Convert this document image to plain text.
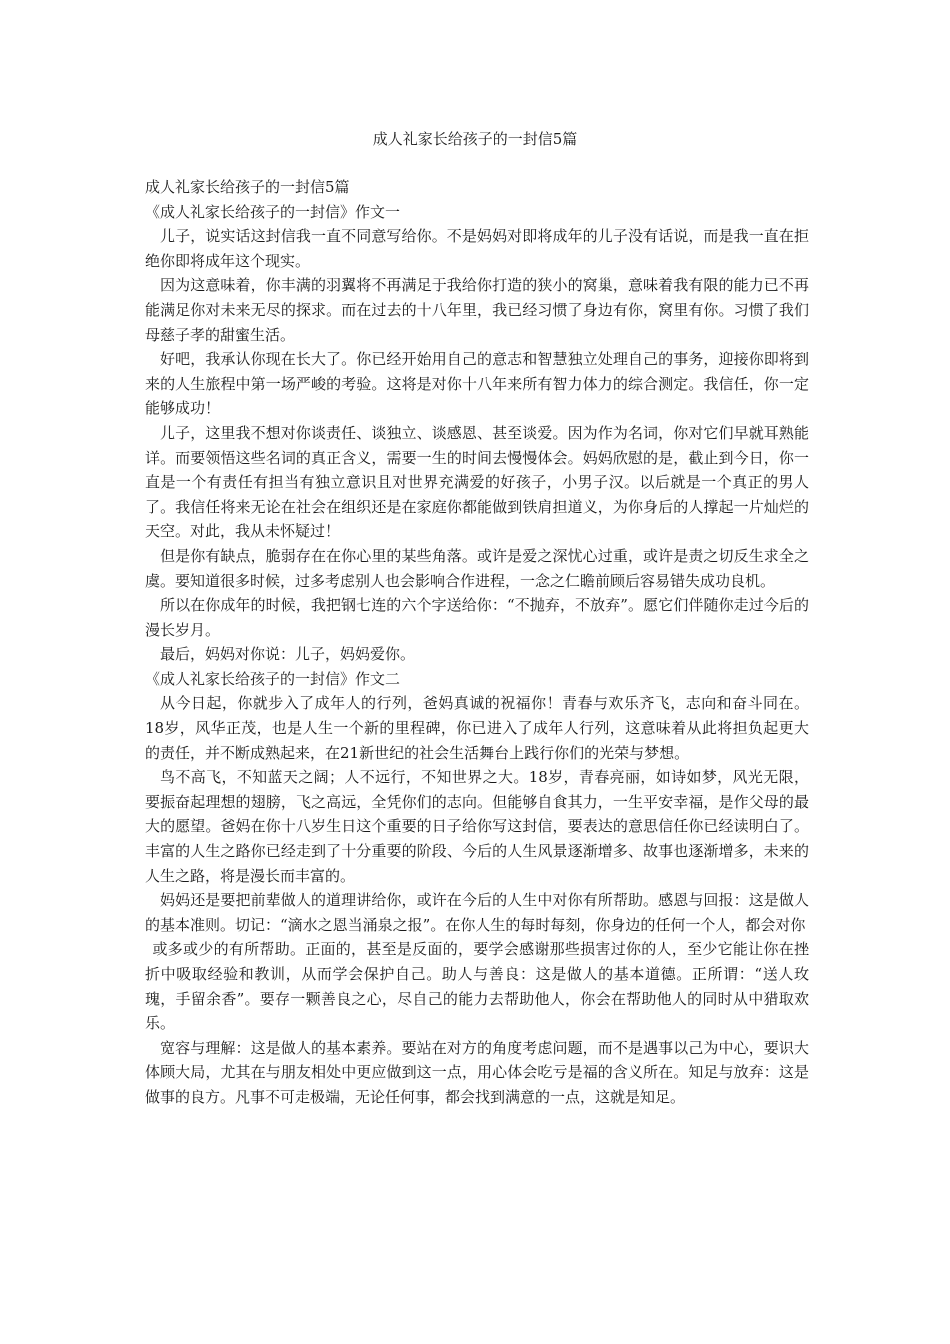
成人礼家长给孩子的一封信5篇

成人礼家长给孩子的一封信5篇

《成人礼家长给孩子的一封信》作文一

儿子，说实话这封信我一直不同意写给你。不是妈妈对即将成年的儿子没有话说，而是我一直在拒绝你即将成年这个现实。

因为这意味着，你丰满的羽翼将不再满足于我给你打造的狭小的窝巢，意味着我有限的能力已不再能满足你对未来无尽的探求。而在过去的十八年里，我已经习惯了身边有你，窝里有你。习惯了我们母慈子孝的甜蜜生活。

好吧，我承认你现在长大了。你已经开始用自己的意志和智慧独立处理自己的事务，迎接你即将到来的人生旅程中第一场严峻的考验。这将是对你十八年来所有智力体力的综合测定。我信任，你一定能够成功！

儿子，这里我不想对你谈责任、谈独立、谈感恩、甚至谈爱。因为作为名词，你对它们早就耳熟能详。而要领悟这些名词的真正含义，需要一生的时间去慢慢体会。妈妈欣慰的是，截止到今日，你一直是一个有责任有担当有独立意识且对世界充满爱的好孩子，小男子汉。以后就是一个真正的男人了。我信任将来无论在社会在组织还是在家庭你都能做到铁肩担道义，为你身后的人撑起一片灿烂的天空。对此，我从未怀疑过！

但是你有缺点，脆弱存在在你心里的某些角落。或许是爱之深忧心过重，或许是责之切反生求全之虞。要知道很多时候，过多考虑别人也会影响合作进程，一念之仁瞻前顾后容易错失成功良机。

所以在你成年的时候，我把钢七连的六个字送给你：“不抛弃，不放弃”。愿它们伴随你走过今后的漫长岁月。

最后，妈妈对你说：儿子，妈妈爱你。

《成人礼家长给孩子的一封信》作文二

从今日起，你就步入了成年人的行列，爸妈真诚的祝福你！青春与欢乐齐飞，志向和奋斗同在。18岁，风华正茂，也是人生一个新的里程碑，你已进入了成年人行列，这意味着从此将担负起更大的责任，并不断成熟起来，在21新世纪的社会生活舞台上践行你们的光荣与梦想。

鸟不高飞，不知蓝天之阔；人不远行，不知世界之大。18岁，青春亮丽，如诗如梦，风光无限，要振奋起理想的翅膀，飞之高远，全凭你们的志向。但能够自食其力，一生平安幸福，是作父母的最大的愿望。爸妈在你十八岁生日这个重要的日子给你写这封信，要表达的意思信任你已经读明白了。丰富的人生之路你已经走到了十分重要的阶段、今后的人生风景逐渐增多、故事也逐渐增多，未来的人生之路，将是漫长而丰富的。

妈妈还是要把前辈做人的道理讲给你，或许在今后的人生中对你有所帮助。感恩与回报：这是做人的基本准则。切记：“滴水之恩当涌泉之报”。在你人生的每时每刻，你身边的任何一个人，都会对你

或多或少的有所帮助。正面的，甚至是反面的，要学会感谢那些损害过你的人，至少它能让你在挫折中吸取经验和教训，从而学会保护自己。助人与善良：这是做人的基本道德。正所谓：“送人玫瑰，手留余香”。要存一颗善良之心，尽自己的能力去帮助他人，你会在帮助他人的同时从中猎取欢乐。

宽容与理解：这是做人的基本素养。要站在对方的角度考虑问题，而不是遇事以己为中心，要识大体顾大局，尤其在与朋友相处中更应做到这一点，用心体会吃亏是福的含义所在。知足与放弃：这是做事的良方。凡事不可走极端，无论任何事，都会找到满意的一点，这就是知足。
